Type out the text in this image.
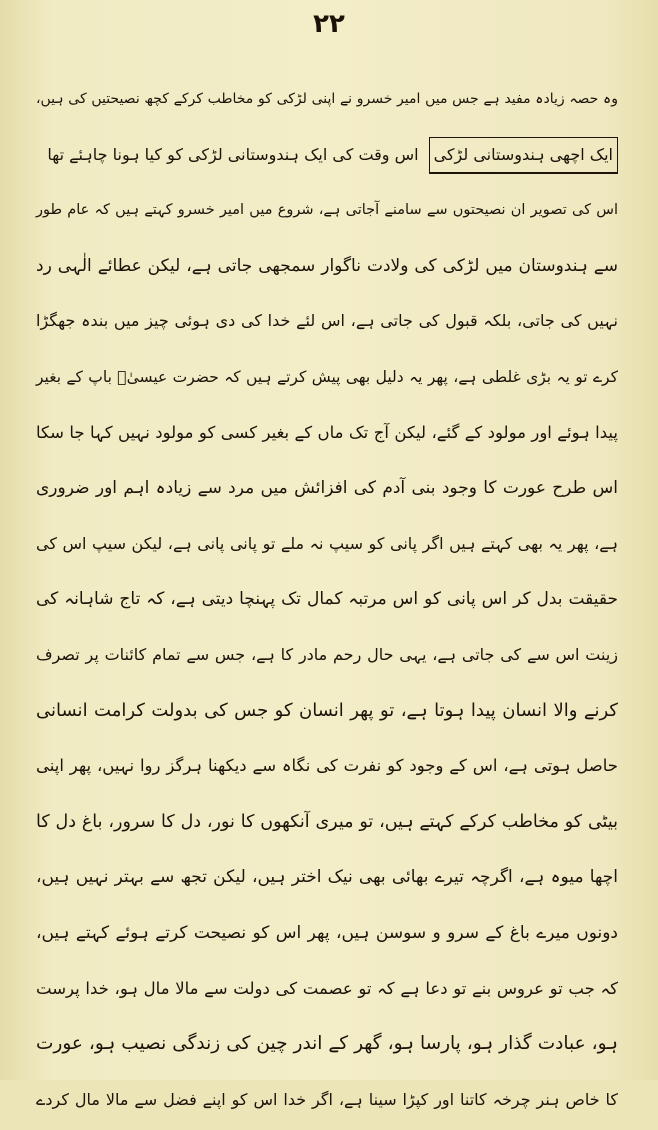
۲۲
وہ حصہ زیادہ مفید ہے جس میں امیر خسرو نے اپنی لڑکی کو مخاطب کرکے کچھ نصیحتیں کی ہیں،
ایک اچھی ہندوستانی لڑکیاس وقت کی ایک ہندوستانی لڑکی کو کیا ہونا چاہئے تھا
اس کی تصویر ان نصیحتوں سے سامنے آجاتی ہے، شروع میں امیر خسرو کہتے ہیں کہ عام طور
سے ہندوستان میں لڑکی کی ولادت ناگوار سمجھی جاتی ہے، لیکن عطائے الٰہی رد
نہیں کی جاتی، بلکہ قبول کی جاتی ہے، اس لئے خدا کی دی ہوئی چیز میں بندہ جھگڑا
کرے تو یہ بڑی غلطی ہے، پھر یہ دلیل بھی پیش کرتے ہیں کہ حضرت عیسیٰؑ باپ کے بغیر
پیدا ہوئے اور مولود کے گئے، لیکن آج تک ماں کے بغیر کسی کو مولود نہیں کہا جا سکا
اس طرح عورت کا وجود بنی آدم کی افزائش میں مرد سے زیادہ اہم اور ضروری
ہے، پھر یہ بھی کہتے ہیں اگر پانی کو سیپ نہ ملے تو پانی پانی ہے، لیکن سیپ اس کی
حقیقت بدل کر اس پانی کو اس مرتبہ کمال تک پہنچا دیتی ہے، کہ تاج شاہانہ کی
زینت اس سے کی جاتی ہے، یہی حال رحم مادر کا ہے، جس سے تمام کائنات پر تصرف
کرنے والا انسان پیدا ہوتا ہے، تو پھر انسان کو جس کی بدولت کرامت انسانی
حاصل ہوتی ہے، اس کے وجود کو نفرت کی نگاہ سے دیکھنا ہرگز روا نہیں، پھر اپنی
بیٹی کو مخاطب کرکے کہتے ہیں، تو میری آنکھوں کا نور، دل کا سرور، باغ دل کا
اچھا میوہ ہے، اگرچہ تیرے بھائی بھی نیک اختر ہیں، لیکن تجھ سے بہتر نہیں ہیں،
دونوں میرے باغ کے سرو و سوسن ہیں، پھر اس کو نصیحت کرتے ہوئے کہتے ہیں،
کہ جب تو عروس بنے تو دعا ہے کہ تو عصمت کی دولت سے مالا مال ہو، خدا پرست
ہو، عبادت گذار ہو، پارسا ہو، گھر کے اندر چین کی زندگی نصیب ہو، عورت
کا خاص ہنر چرخہ کاتنا اور کپڑا سینا ہے، اگر خدا اس کو اپنے فضل سے مالا مال کردے
